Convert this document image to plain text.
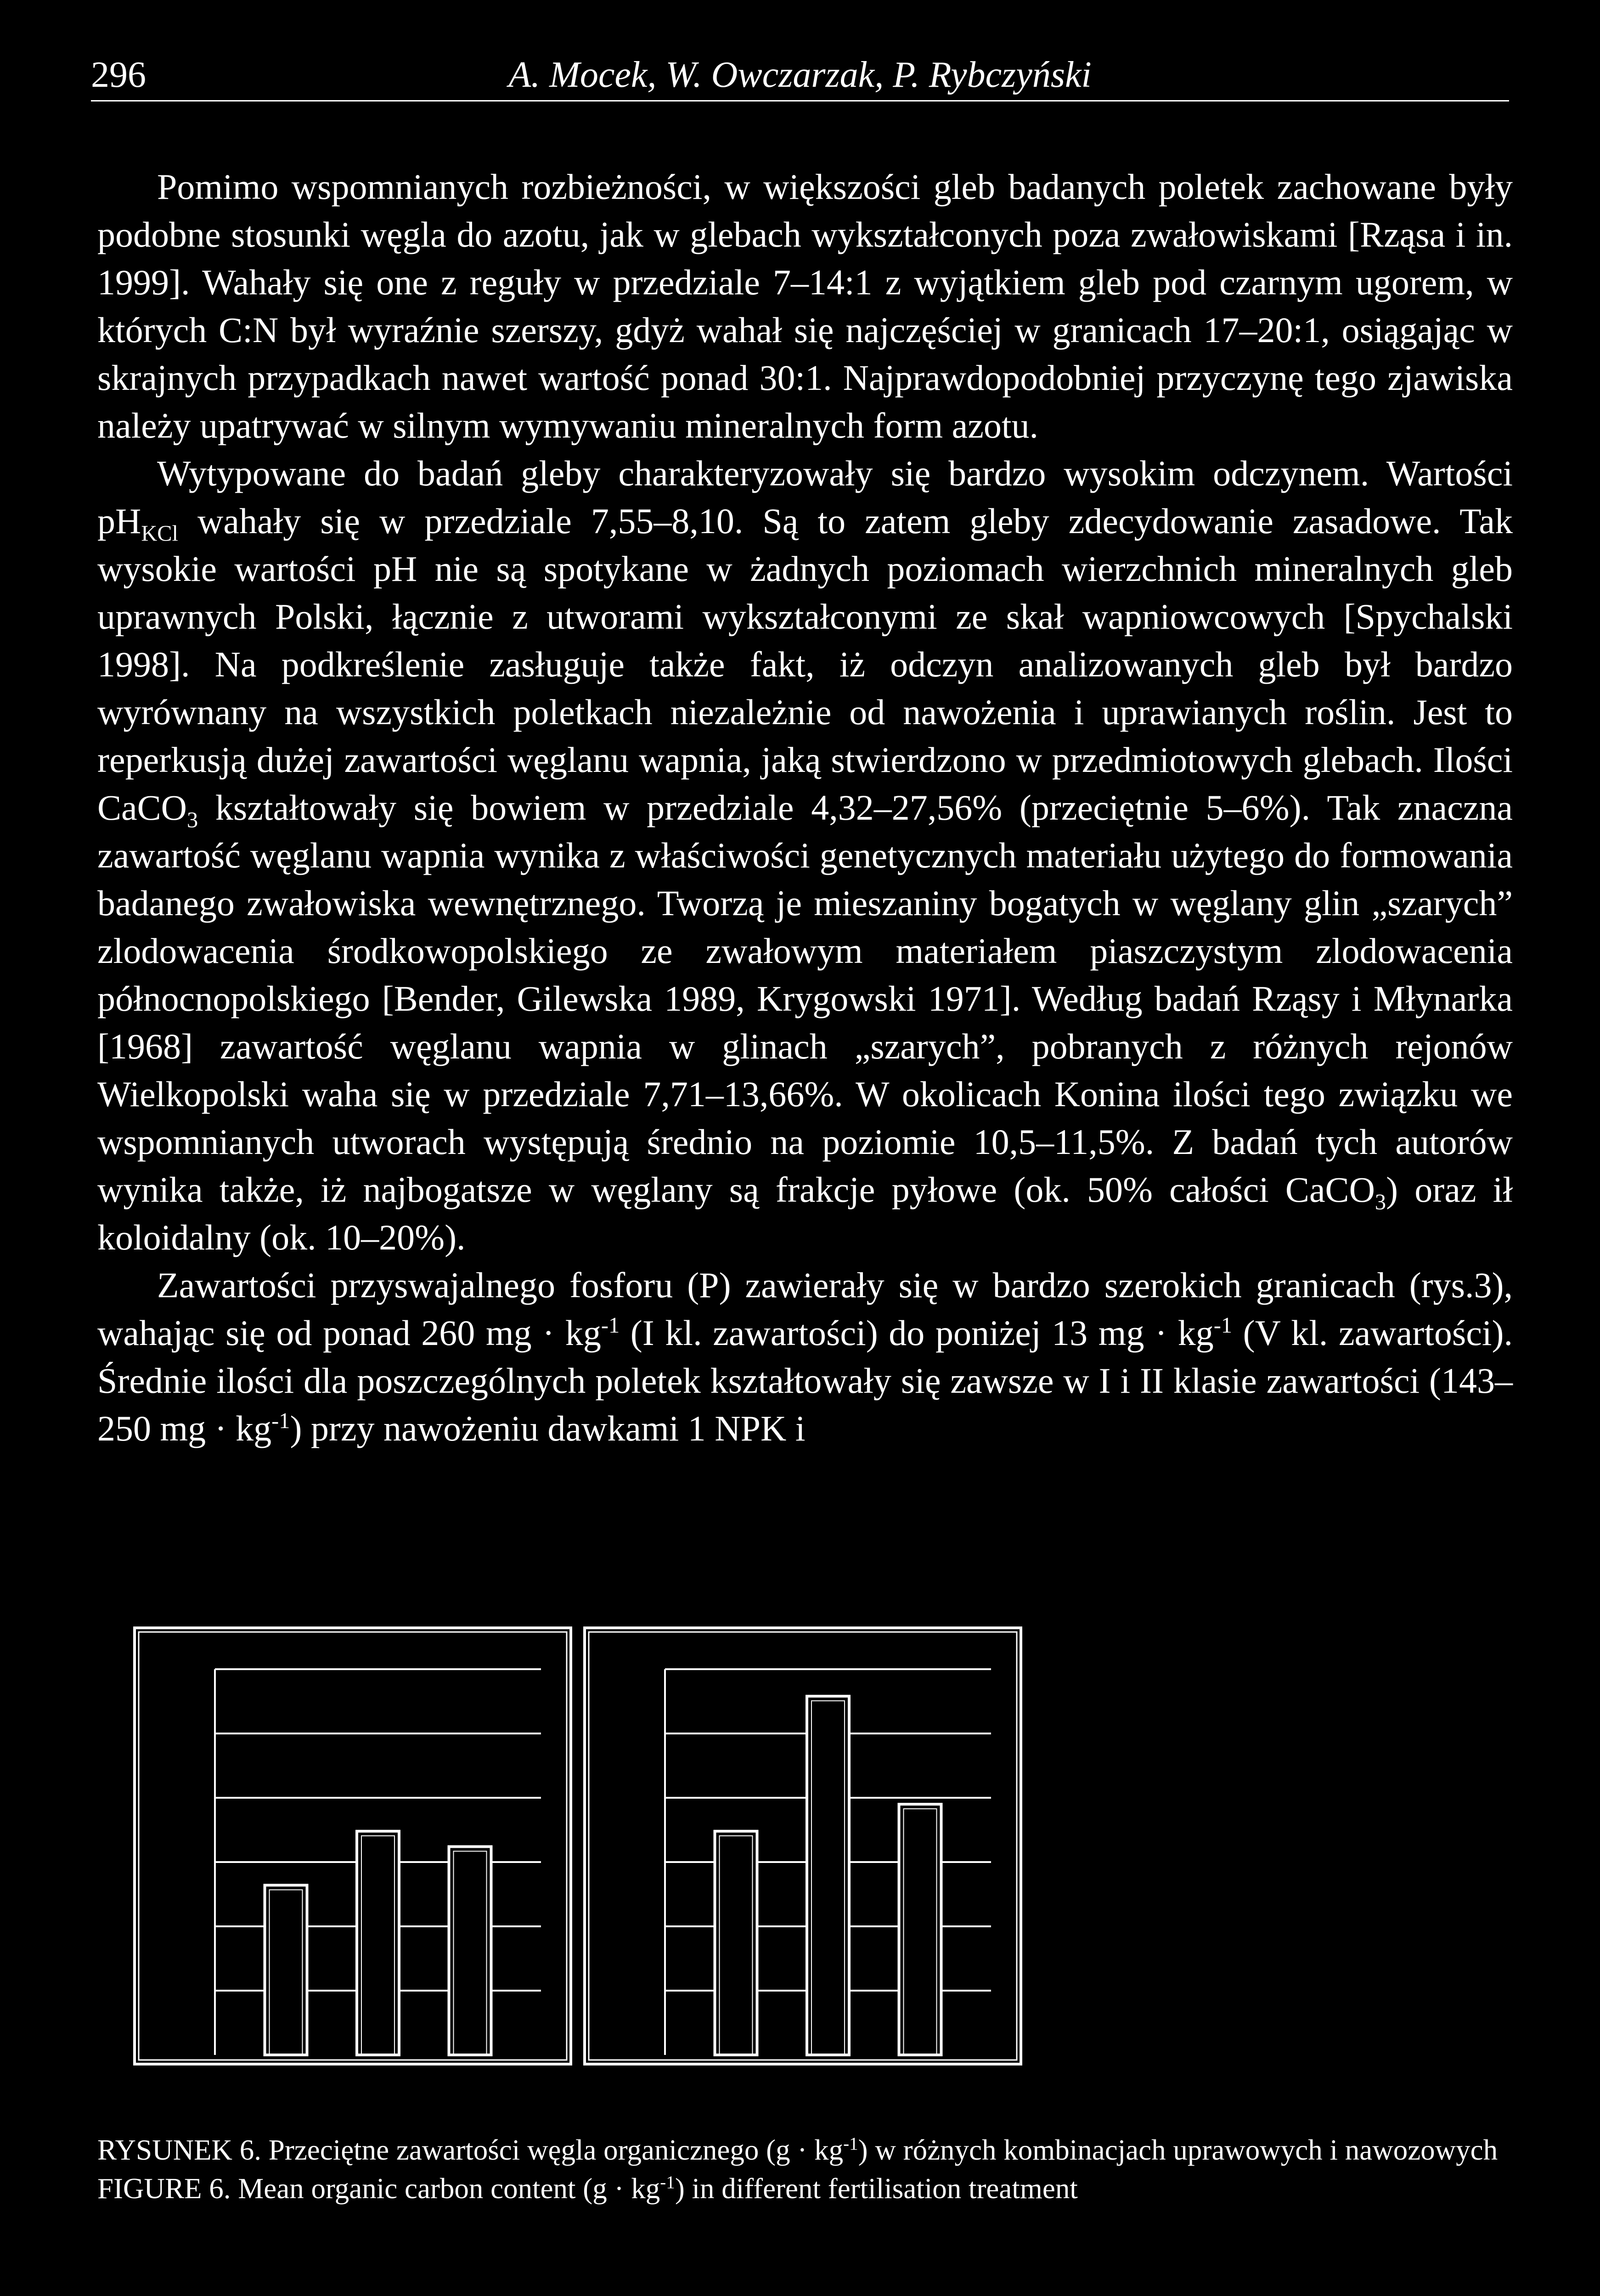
296	A. Mocek, W. Owczarzak, P. Rybczyński

Pomimo wspomnianych rozbieżności, w większości gleb badanych poletek zachowane były podobne stosunki węgla do azotu, jak w glebach wykształconych poza zwałowiskami [Rząsa i in. 1999]. Wahały się one z reguły w przedziale 7–14:1 z wyjątkiem gleb pod czarnym ugorem, w których C:N był wyraźnie szerszy, gdyż wahał się najczęściej w granicach 17–20:1, osiągając w skrajnych przypadkach nawet wartość ponad 30:1. Najprawdopodobniej przyczynę tego zjawiska należy upatrywać w silnym wymywaniu mineralnych form azotu.

Wytypowane do badań gleby charakteryzowały się bardzo wysokim odczynem. Wartości $pH_{KCl}$ wahały się w przedziale 7,55–8,10. Są to zatem gleby zdecydowanie zasadowe. Tak wysokie wartości pH nie są spotykane w żadnych poziomach wierzchnich mineralnych gleb uprawnych Polski, łącznie z utworami wykształconymi ze skał wapniowcowych [Spychalski 1998]. Na podkreślenie zasługuje także fakt, iż odczyn analizowanych gleb był bardzo wyrównany na wszystkich poletkach niezależnie od nawożenia i uprawianych roślin. Jest to reperkusją dużej zawartości węglanu wapnia, jaką stwierdzono w przedmiotowych glebach. Ilości CaCO$_3$ kształtowały się bowiem w przedziale 4,32–27,56% (przeciętnie 5–6%). Tak znaczna zawartość węglanu wapnia wynika z właściwości genetycznych materiału użytego do formowania badanego zwałowiska wewnętrznego. Tworzą je mieszaniny bogatych w węglany glin „szarych” zlodowacenia środkowopolskiego ze zwałowym materiałem piaszczystym zlodowacenia północnopolskiego [Bender, Gilewska 1989, Krygowski 1971]. Według badań Rząsy i Młynarka [1968] zawartość węglanu wapnia w glinach „szarych”, pobranych z różnych rejonów Wielkopolski waha się w przedziale 7,71–13,66%. W okolicach Konina ilości tego związku we wspomnianych utworach występują średnio na poziomie 10,5–11,5%. Z badań tych autorów wynika także, iż najbogatsze w węglany są frakcje pyłowe (ok. 50% całości CaCO$_3$) oraz ił koloidalny (ok. 10–20%).

Zawartości przyswajalnego fosforu (P) zawierały się w bardzo szerokich granicach (rys.3), wahając się od ponad 260 mg · $kg^{-1}$ (I kl. zawartości) do poniżej 13 mg · $kg^{-1}$ (V kl. zawartości). Średnie ilości dla poszczególnych poletek kształtowały się zawsze w I i II klasie zawartości (143–250 mg · $kg^{-1}$) przy nawożeniu dawkami 1 NPK i

RYSUNEK 6. Przeciętne zawartości węgla organicznego $(g \cdot kg^{-1})$ w różnych kombinacjach uprawowych i nawozowych

FIGURE 6. Mean organic carbon content $(g \cdot kg^{-1})$ in different fertilisation treatment
